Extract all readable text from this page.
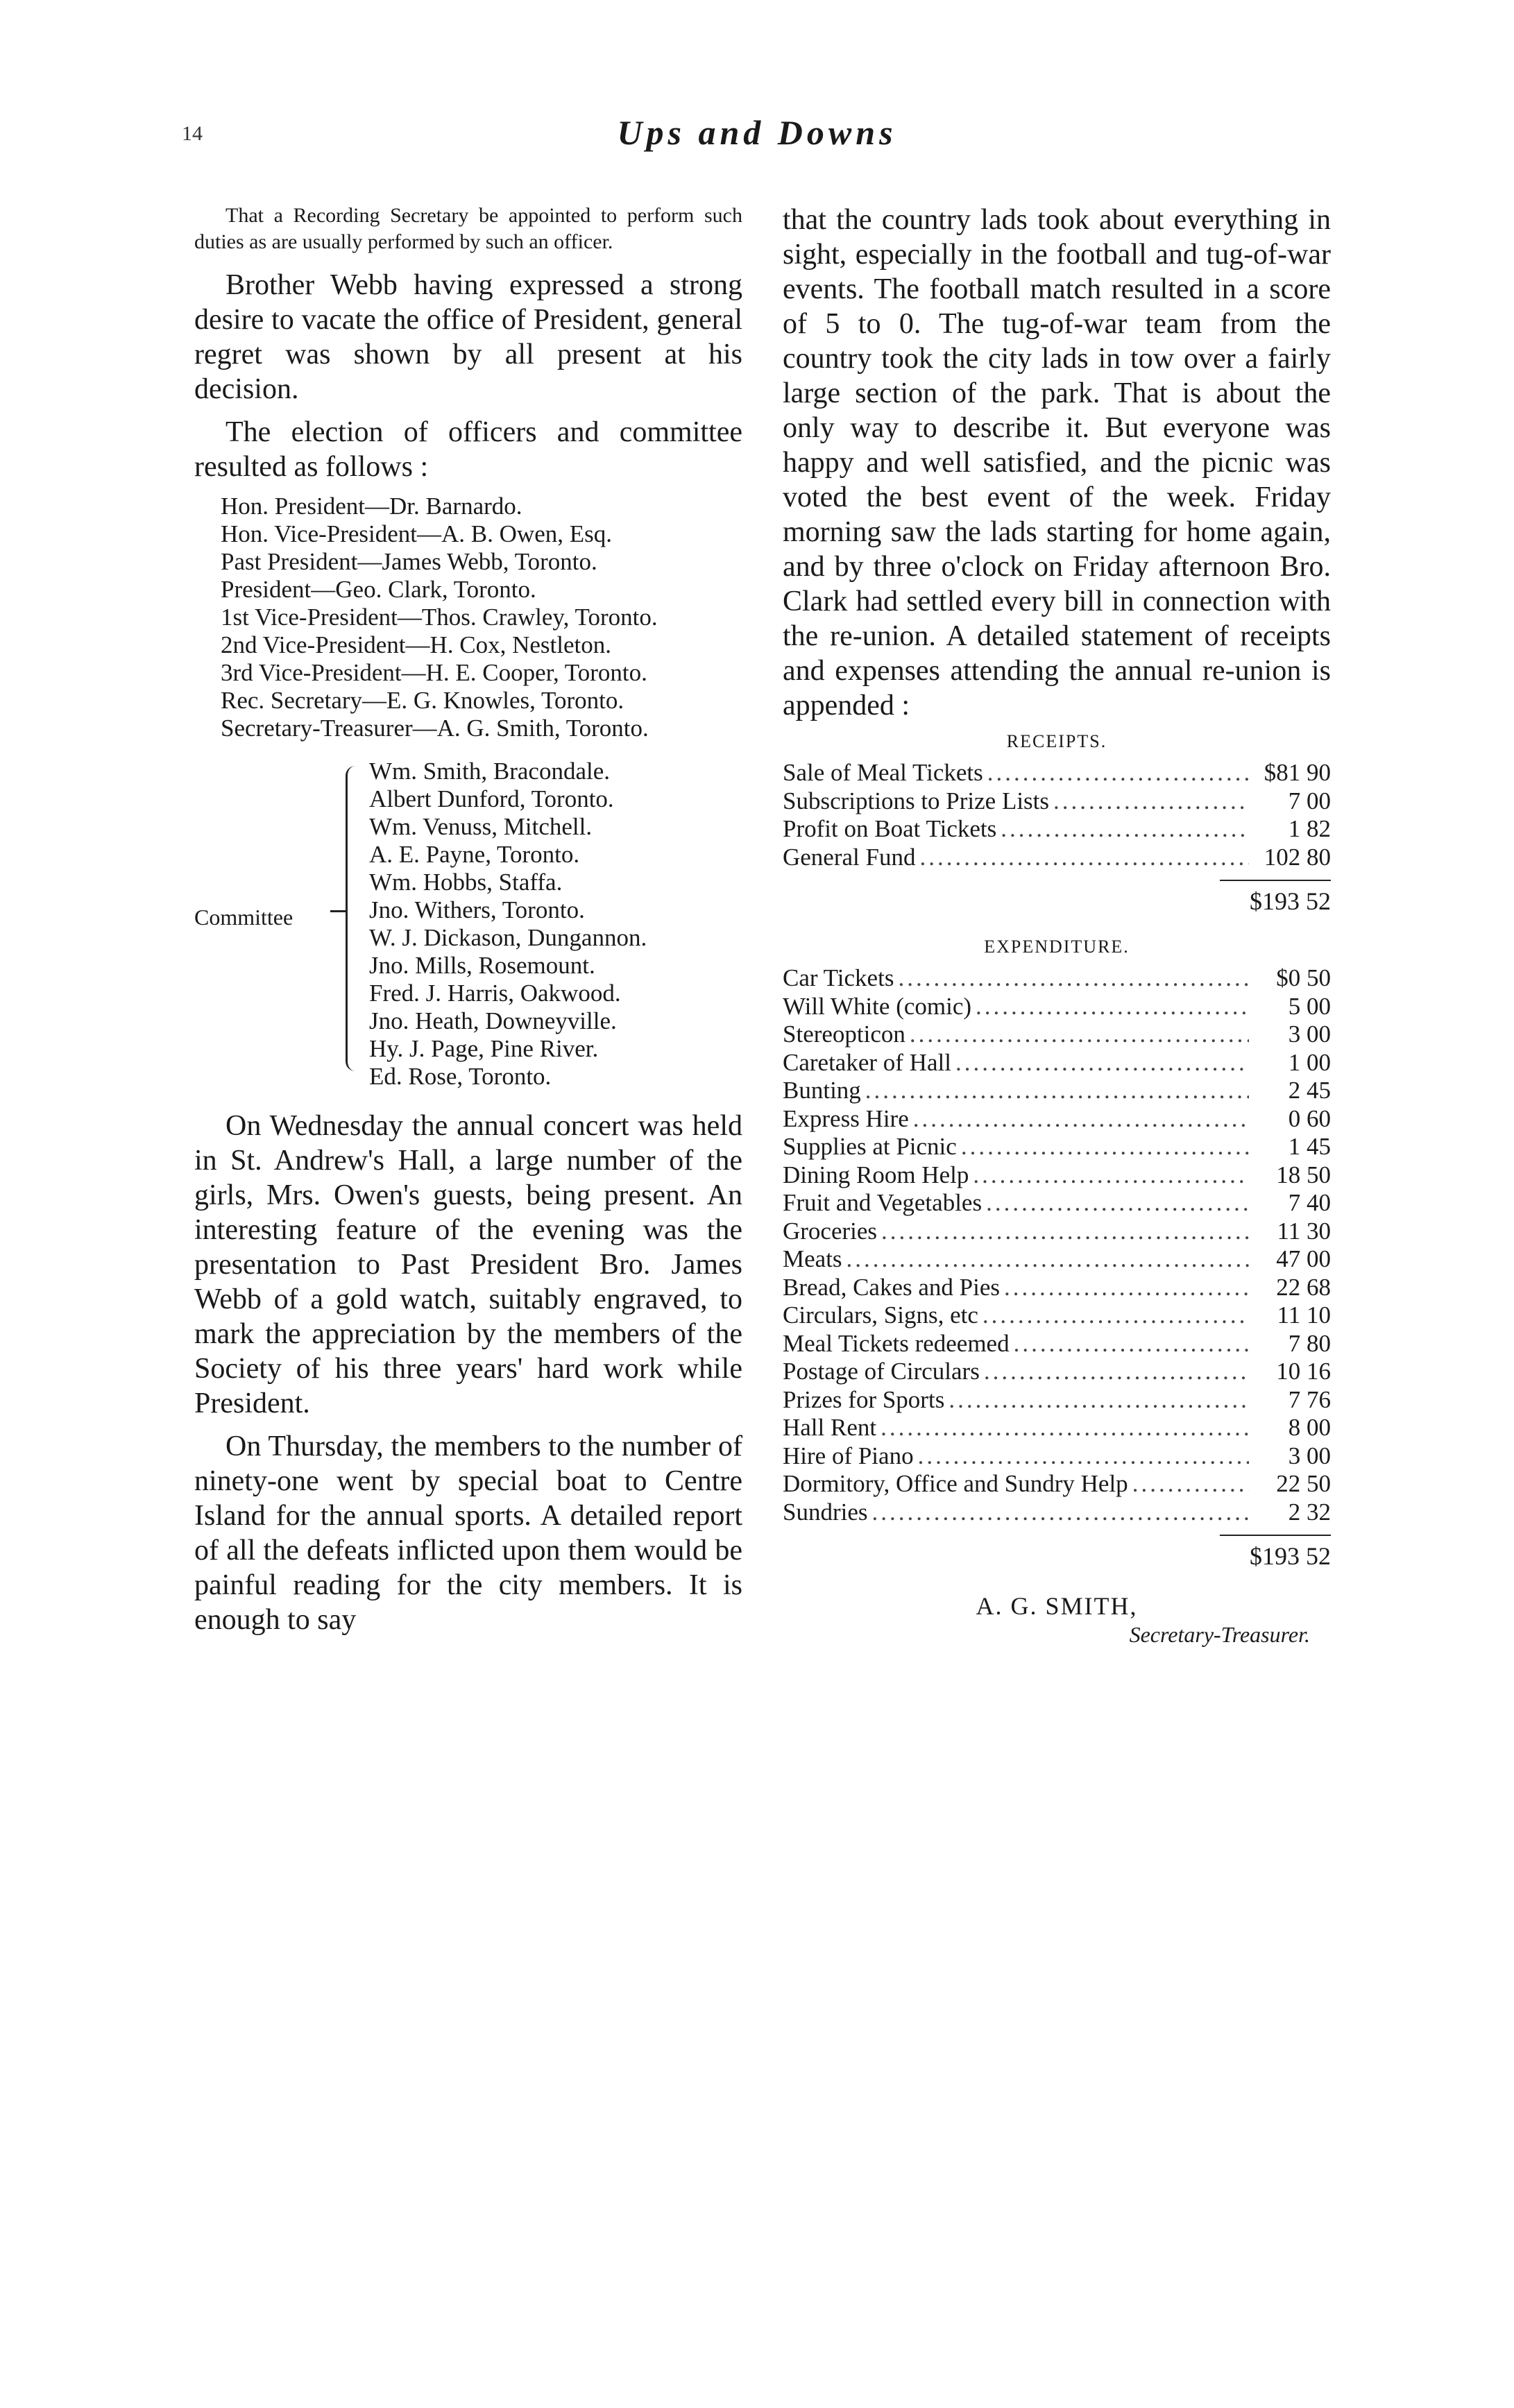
14	Ups and Downs

That a Recording Secretary be appointed to perform such duties as are usually performed by such an officer.

Brother Webb having expressed a strong desire to vacate the office of President, general regret was shown by all present at his decision.

The election of officers and committee resulted as follows :

Hon. President—Dr. Barnardo.

Hon. Vice-President—A. B. Owen, Esq.

Past President—James Webb, Toronto.

President—Geo. Clark, Toronto.

1st Vice-President—Thos. Crawley, Toronto.

2nd Vice-President—H. Cox, Nestleton.

3rd Vice-President—H. E. Cooper, Toronto.

Rec. Secretary—E. G. Knowles, Toronto.

Secretary-Treasurer—A. G. Smith, Toronto.

Committee
Wm. Smith, Bracondale.
Albert Dunford, Toronto.
Wm. Venuss, Mitchell.
A. E. Payne, Toronto.
Wm. Hobbs, Staffa.
Jno. Withers, Toronto.
W. J. Dickason, Dungannon.
Jno. Mills, Rosemount.
Fred. J. Harris, Oakwood.
Jno. Heath, Downeyville.
Hy. J. Page, Pine River.
Ed. Rose, Toronto.

On Wednesday the annual concert was held in St. Andrew's Hall, a large number of the girls, Mrs. Owen's guests, being present. An interesting feature of the evening was the presentation to Past President Bro. James Webb of a gold watch, suitably engraved, to mark the appreciation by the members of the Society of his three years' hard work while President.

On Thursday, the members to the number of ninety-one went by special boat to Centre Island for the annual sports. A detailed report of all the defeats inflicted upon them would be painful reading for the city members. It is enough to say

that the country lads took about everything in sight, especially in the football and tug-of-war events. The football match resulted in a score of 5 to 0. The tug-of-war team from the country took the city lads in tow over a fairly large section of the park. That is about the only way to describe it. But everyone was happy and well satisfied, and the picnic was voted the best event of the week. Friday morning saw the lads starting for home again, and by three o'clock on Friday afternoon Bro. Clark had settled every bill in connection with the re-union. A detailed statement of receipts and expenses attending the annual re-union is appended :

RECEIPTS.
Sale of Meal Tickets .....	$81 90
Subscriptions to Prize Lists .....	7 00
Profit on Boat Tickets .....	1 82
General Fund .....	102 80
$193 52
EXPENDITURE.
Car Tickets .....	$0 50
Will White (comic) .....	5 00
Stereopticon .....	3 00
Caretaker of Hall .....	1 00
Bunting .....	2 45
Express Hire .....	0 60
Supplies at Picnic .....	1 45
Dining Room Help .....	18 50
Fruit and Vegetables .....	7 40
Groceries .....	11 30
Meats .....	47 00
Bread, Cakes and Pies .....	22 68
Circulars, Signs, etc .....	11 10
Meal Tickets redeemed .....	7 80
Postage of Circulars .....	10 16
Prizes for Sports .....	7 76
Hall Rent .....	8 00
Hire of Piano .....	3 00
Dormitory, Office and Sundry Help .....	22 50
Sundries .....	2 32
$193 52
A. G. SMITH,
Secretary-Treasurer.
